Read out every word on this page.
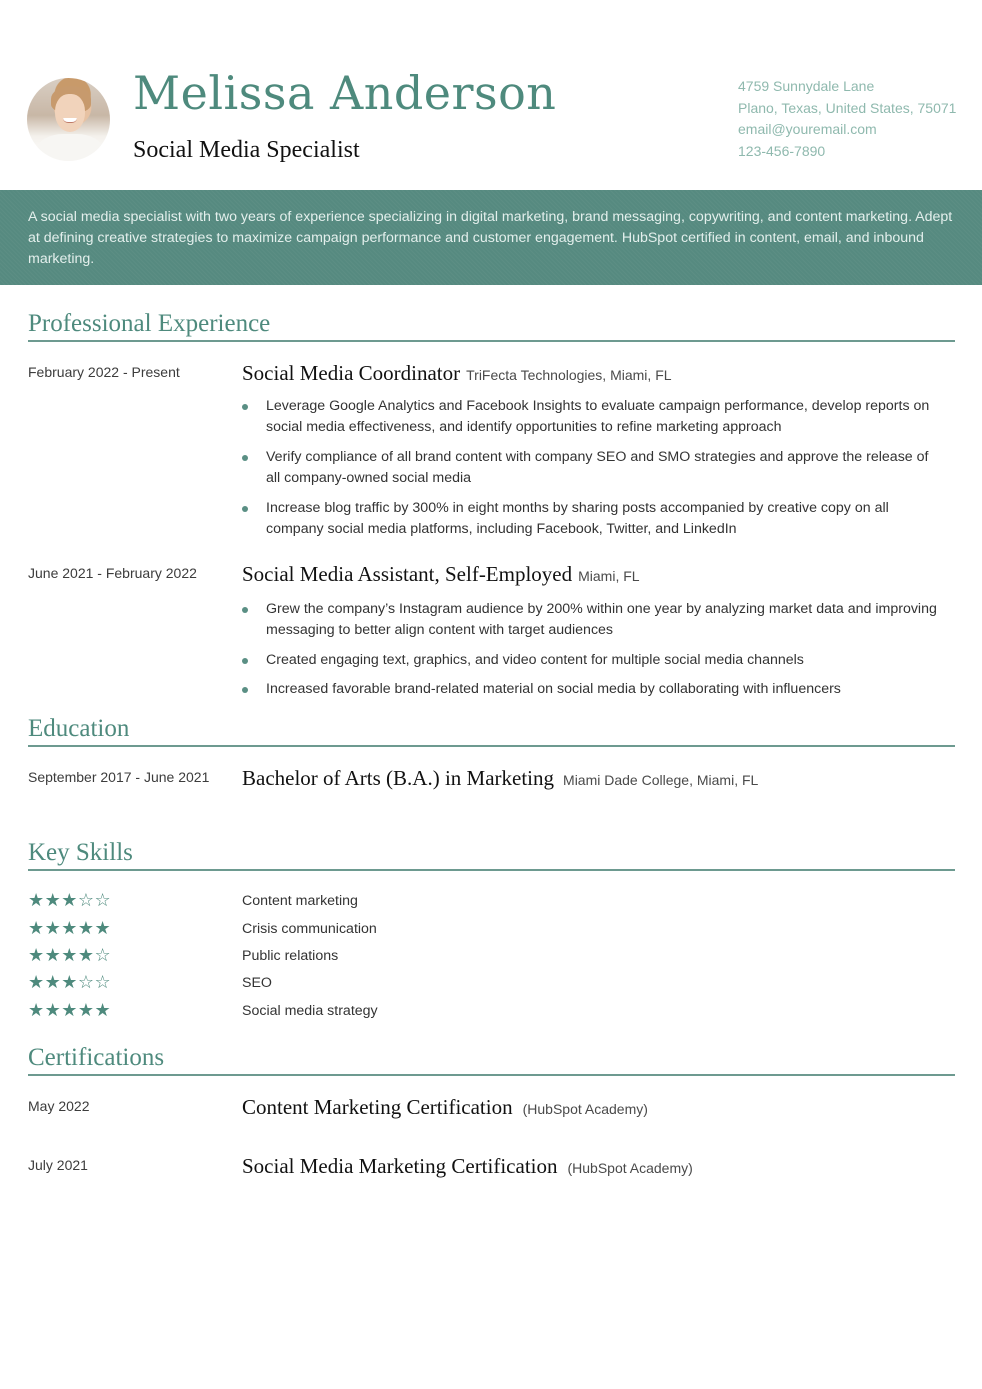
Melissa Anderson
Social Media Specialist
4759 Sunnydale Lane
Plano, Texas, United States, 75071
email@youremail.com
123-456-7890
A social media specialist with two years of experience specializing in digital marketing, brand messaging, copywriting, and content marketing. Adept at defining creative strategies to maximize campaign performance and customer engagement. HubSpot certified in content, email, and inbound marketing.
Professional Experience
February 2022 - Present	Social Media Coordinator TriFecta Technologies, Miami, FL
Leverage Google Analytics and Facebook Insights to evaluate campaign performance, develop reports on social media effectiveness, and identify opportunities to refine marketing approach
Verify compliance of all brand content with company SEO and SMO strategies and approve the release of all company-owned social media
Increase blog traffic by 300% in eight months by sharing posts accompanied by creative copy on all company social media platforms, including Facebook, Twitter, and LinkedIn
June 2021 - February 2022 Social Media Assistant, Self-Employed Miami, FL
Grew the company’s Instagram audience by 200% within one year by analyzing market data and improving messaging to better align content with target audiences
Created engaging text, graphics, and video content for multiple social media channels
Increased favorable brand-related material on social media by collaborating with influencers
Education
September 2017 - June 2021 Bachelor of Arts (B.A.) in Marketing Miami Dade College, Miami, FL
Key Skills
★★★☆☆	Content marketing
★★★★★	Crisis communication
★★★★☆	Public relations
★★★☆☆	SEO
★★★★★	Social media strategy
Certifications
May 2022	Content Marketing Certification (HubSpot Academy)
July 2021	Social Media Marketing Certification (HubSpot Academy)
